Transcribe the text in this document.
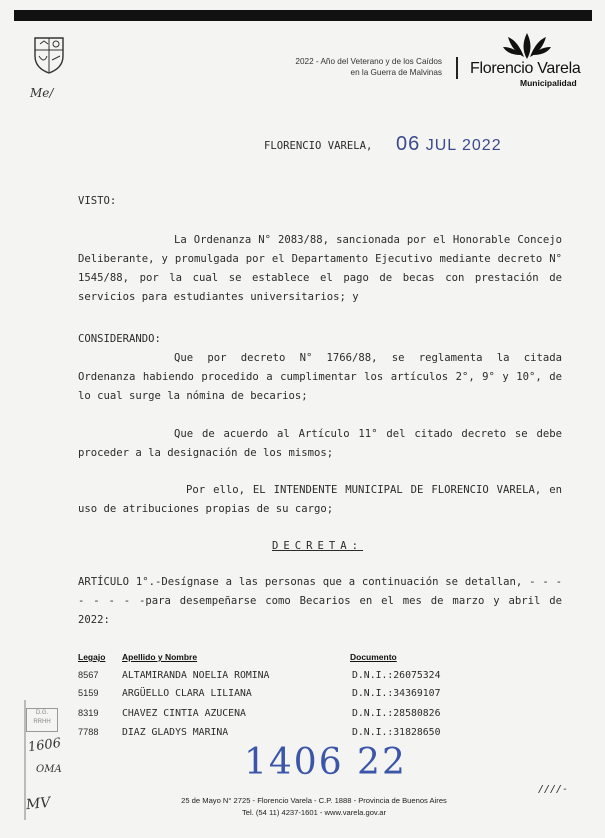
2022 - Año del Veterano y de los Caídos
en la Guerra de Malvinas Florencio Varela
Municipalidad
FLORENCIO VARELA, 06 JUL 2022
VISTO:
La Ordenanza N° 2083/88, sancionada por el Honorable Concejo Deliberante, y promulgada por el Departamento Ejecutivo mediante decreto N° 1545/88, por la cual se establece el pago de becas con prestación de servicios para estudiantes universitarios; y
CONSIDERANDO:
Que por decreto N° 1766/88, se reglamenta la citada Ordenanza habiendo procedido a cumplimentar los artículos 2°, 9° y 10°, de lo cual surge la nómina de becarios;
Que de acuerdo al Artículo 11° del citado decreto se debe proceder a la designación de los mismos;
Por ello, EL INTENDENTE MUNICIPAL DE FLORENCIO VARELA, en uso de atribuciones propias de su cargo;
DECRETA:
ARTÍCULO 1°.-Desígnase a las personas que a continuación se detallan, - - - - - - - -para desempeñarse como Becarios en el mes de marzo y abril de 2022:
Legajo Apellido y Nombre	Documento
8567 ALTAMIRANDA NOELIA ROMINA	D.N.I.:26075324
5159 ARGÜELLO CLARA LILIANA	D.N.I.:34369107
8319 CHAVEZ CINTIA AZUCENA	D.N.I.:28580826
7788 DIAZ GLADYS MARINA	D.N.I.:31828650
1406 22
25 de Mayo N° 2725 - Florencio Varela - C.P. 1888 - Provincia de Buenos Aires
Tel. (54 11) 4237-1601 - www.varela.gov.ar
////-
D.G.
RRHH
Me/
1606
OMA
MV
